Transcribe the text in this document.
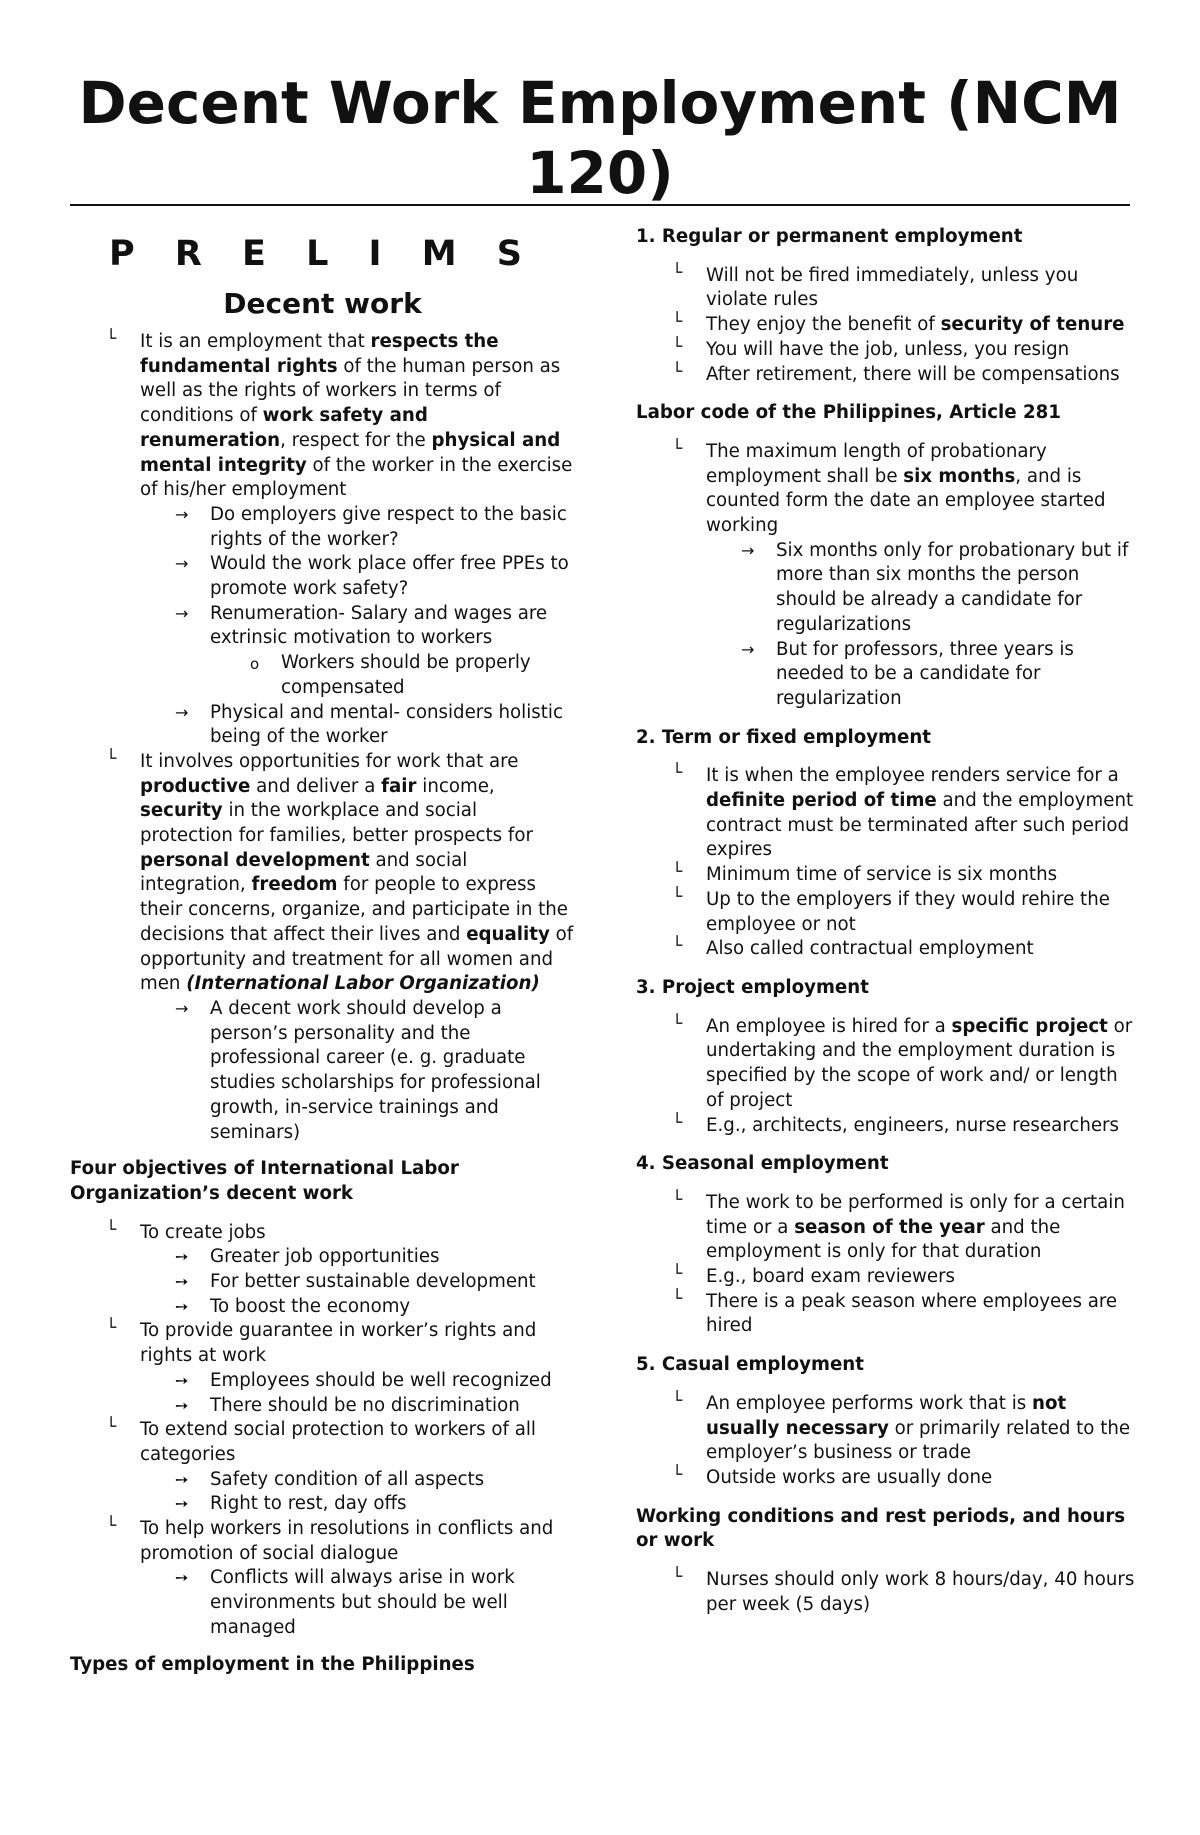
Decent Work Employment (NCM 120)
P R E L I M S
Decent work
└ It is an employment that respects the fundamental rights of the human person as well as the rights of workers in terms of conditions of work safety and renumeration, respect for the physical and mental integrity of the worker in the exercise of his/her employment
→ Do employers give respect to the basic rights of the worker?
→ Would the work place offer free PPEs to promote work safety?
→ Renumeration- Salary and wages are extrinsic motivation to workers
o Workers should be properly compensated
→ Physical and mental- considers holistic being of the worker
└ It involves opportunities for work that are productive and deliver a fair income, security in the workplace and social protection for families, better prospects for personal development and social integration, freedom for people to express their concerns, organize, and participate in the decisions that affect their lives and equality of opportunity and treatment for all women and men (International Labor Organization)
→ A decent work should develop a person’s personality and the professional career (e. g. graduate studies scholarships for professional growth, in-service trainings and seminars)

Four objectives of International Labor Organization’s decent work

└ To create jobs
➙ Greater job opportunities
➙ For better sustainable development
➙ To boost the economy
└ To provide guarantee in worker’s rights and rights at work
➙ Employees should be well recognized
➙ There should be no discrimination
└ To extend social protection to workers of all categories
➙ Safety condition of all aspects
➙ Right to rest, day offs
└ To help workers in resolutions in conflicts and promotion of social dialogue
➙ Conflicts will always arise in work environments but should be well managed

Types of employment in the Philippines

1. Regular or permanent employment

└ Will not be fired immediately, unless you violate rules
└ They enjoy the benefit of security of tenure
└ You will have the job, unless, you resign
└ After retirement, there will be compensations

Labor code of the Philippines, Article 281

└ The maximum length of probationary employment shall be six months, and is counted form the date an employee started working
→ Six months only for probationary but if more than six months the person should be already a candidate for regularizations
→ But for professors, three years is needed to be a candidate for regularization

2. Term or fixed employment

└ It is when the employee renders service for a definite period of time and the employment contract must be terminated after such period expires
└ Minimum time of service is six months
└ Up to the employers if they would rehire the employee or not
└ Also called contractual employment

3. Project employment

└ An employee is hired for a specific project or undertaking and the employment duration is specified by the scope of work and/ or length of project
└ E.g., architects, engineers, nurse researchers

4. Seasonal employment

└ The work to be performed is only for a certain time or a season of the year and the employment is only for that duration
└ E.g., board exam reviewers
└ There is a peak season where employees are hired

5. Casual employment

└ An employee performs work that is not usually necessary or primarily related to the employer’s business or trade
└ Outside works are usually done

Working conditions and rest periods, and hours or work

└ Nurses should only work 8 hours/day, 40 hours per week (5 days)
